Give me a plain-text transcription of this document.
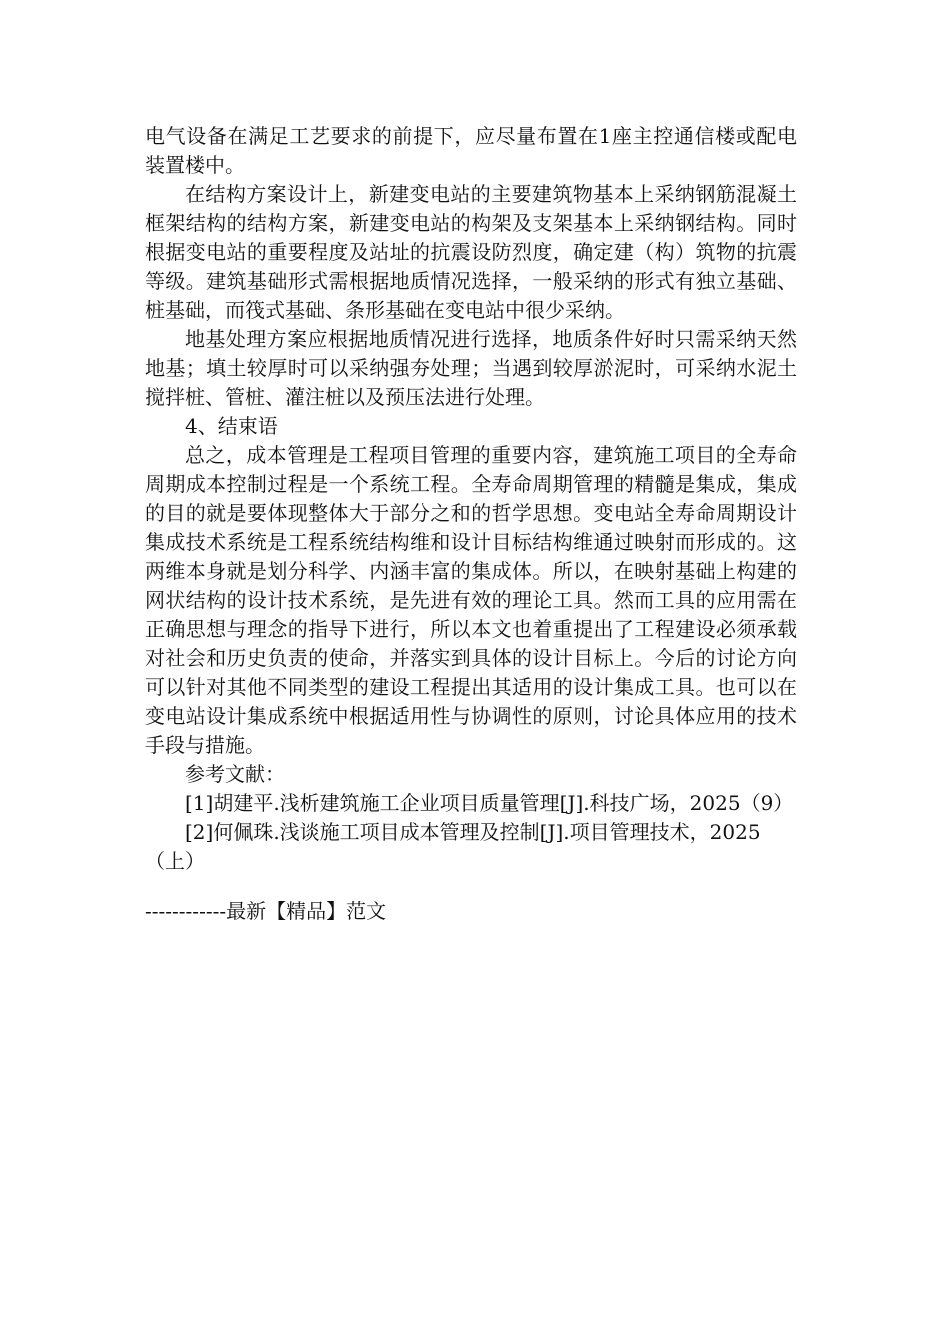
电气设备在满足工艺要求的前提下，应尽量布置在1座主控通信楼或配电装置楼中。

在结构方案设计上，新建变电站的主要建筑物基本上采纳钢筋混凝土框架结构的结构方案，新建变电站的构架及支架基本上采纳钢结构。同时根据变电站的重要程度及站址的抗震设防烈度，确定建（构）筑物的抗震等级。建筑基础形式需根据地质情况选择，一般采纳的形式有独立基础、桩基础，而筏式基础、条形基础在变电站中很少采纳。

地基处理方案应根据地质情况进行选择，地质条件好时只需采纳天然地基；填土较厚时可以采纳强夯处理；当遇到较厚淤泥时，可采纳水泥土搅拌桩、管桩、灌注桩以及预压法进行处理。

4、结束语

总之，成本管理是工程项目管理的重要内容，建筑施工项目的全寿命周期成本控制过程是一个系统工程。全寿命周期管理的精髓是集成，集成的目的就是要体现整体大于部分之和的哲学思想。变电站全寿命周期设计集成技术系统是工程系统结构维和设计目标结构维通过映射而形成的。这两维本身就是划分科学、内涵丰富的集成体。所以，在映射基础上构建的网状结构的设计技术系统，是先进有效的理论工具。然而工具的应用需在正确思想与理念的指导下进行，所以本文也着重提出了工程建设必须承载对社会和历史负责的使命，并落实到具体的设计目标上。今后的讨论方向可以针对其他不同类型的建设工程提出其适用的设计集成工具。也可以在变电站设计集成系统中根据适用性与协调性的原则，讨论具体应用的技术手段与措施。

参考文献：

[1]胡建平.浅析建筑施工企业项目质量管理[J].科技广场，2025（9）

[2]何佩珠.浅谈施工项目成本管理及控制[J].项目管理技术，2025（上）

------------最新【精品】范文
